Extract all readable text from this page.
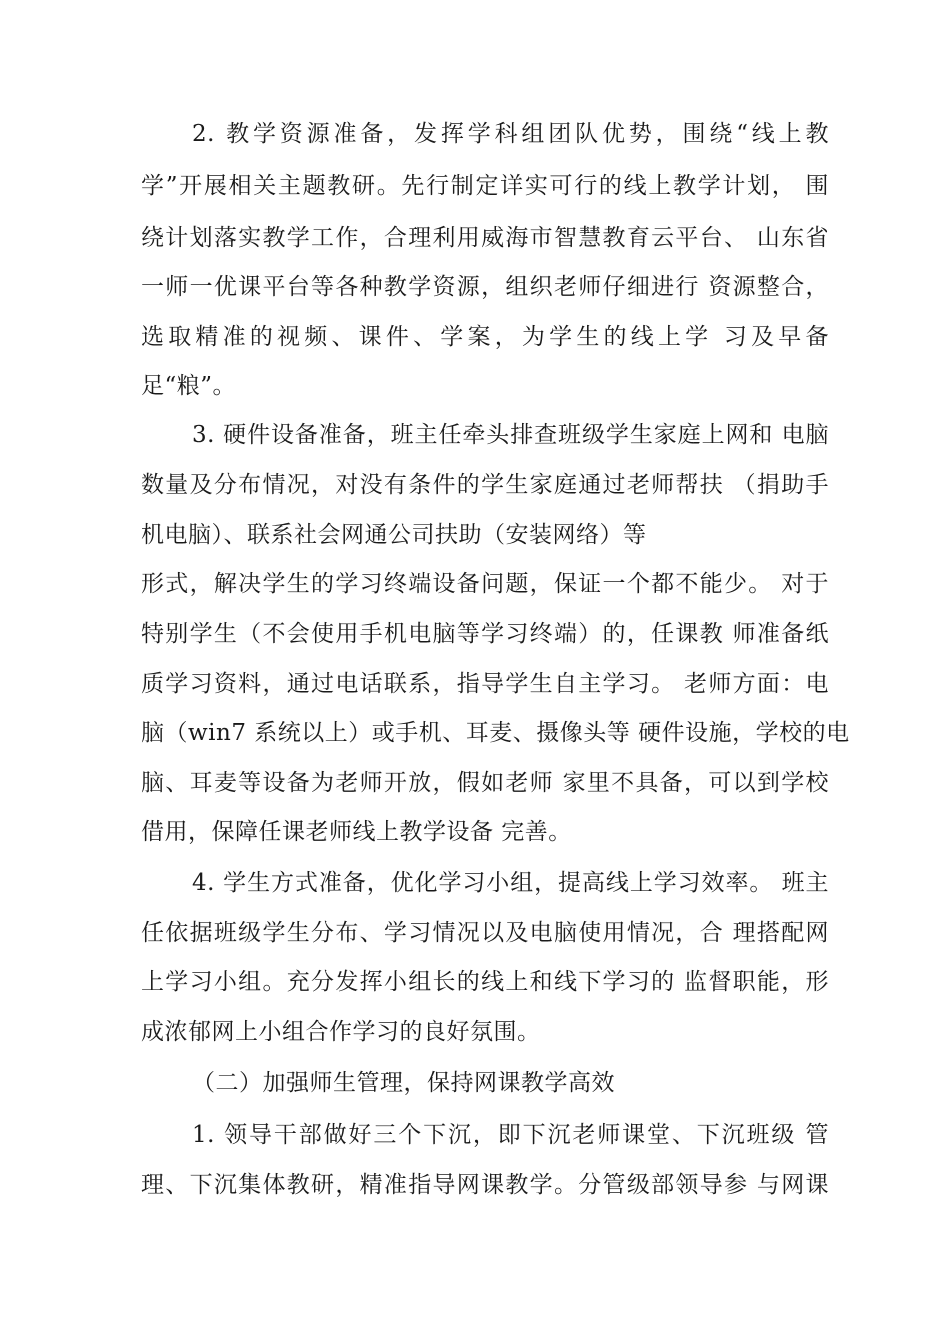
2. 教学资源准备，发挥学科组团队优势，围绕“线上教
学”开展相关主题教研。先行制定详实可行的线上教学计划， 围
绕计划落实教学工作，合理利用威海市智慧教育云平台、 山东省
一师一优课平台等各种教学资源，组织老师仔细进行 资源整合，
选取精准的视频、课件、学案，为学生的线上学 习及早备
足“粮”。
3. 硬件设备准备，班主任牵头排查班级学生家庭上网和 电脑
数量及分布情况，对没有条件的学生家庭通过老师帮扶 （捐助手
机电脑）、联系社会网通公司扶助（安装网络）等
形式，解决学生的学习终端设备问题，保证一个都不能少。 对于
特别学生（不会使用手机电脑等学习终端）的，任课教 师准备纸
质学习资料，通过电话联系，指导学生自主学习。 老师方面：电
脑（win7 系统以上）或手机、耳麦、摄像头等 硬件设施，学校的电
脑、耳麦等设备为老师开放，假如老师 家里不具备，可以到学校
借用，保障任课老师线上教学设备 完善。
4. 学生方式准备，优化学习小组，提高线上学习效率。 班主
任依据班级学生分布、学习情况以及电脑使用情况，合 理搭配网
上学习小组。充分发挥小组长的线上和线下学习的 监督职能，形
成浓郁网上小组合作学习的良好氛围。
（二）加强师生管理，保持网课教学高效
1. 领导干部做好三个下沉，即下沉老师课堂、下沉班级 管
理、下沉集体教研，精准指导网课教学。分管级部领导参 与网课
